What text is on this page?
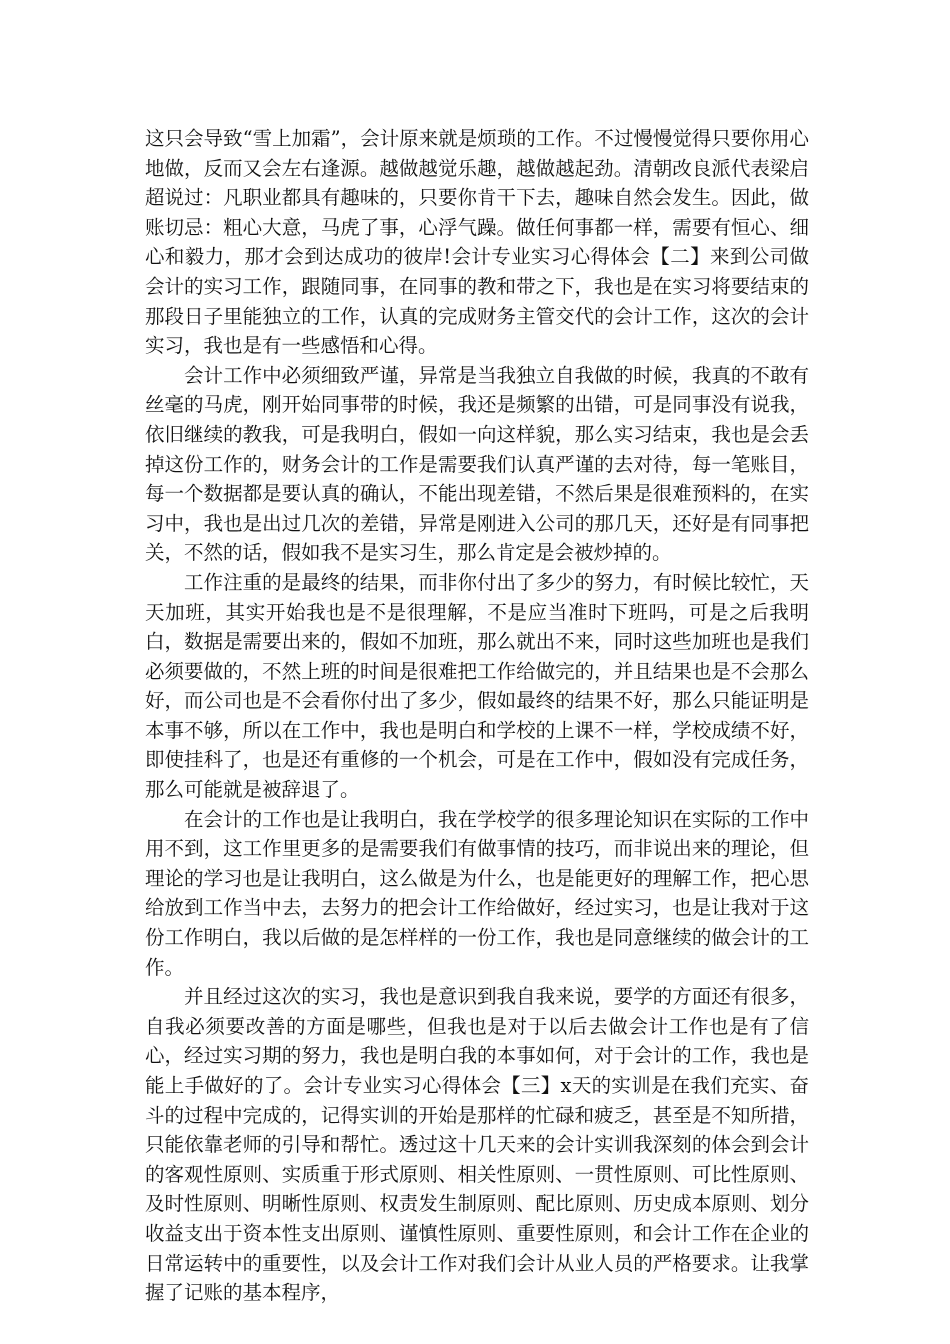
这只会导致“雪上加霜”，会计原来就是烦琐的工作。不过慢慢觉得只要你用心地做，反而又会左右逢源。越做越觉乐趣，越做越起劲。清朝改良派代表梁启超说过：凡职业都具有趣味的，只要你肯干下去，趣味自然会发生。因此，做账切忌：粗心大意，马虎了事，心浮气躁。做任何事都一样，需要有恒心、细心和毅力，那才会到达成功的彼岸!会计专业实习心得体会【二】来到公司做会计的实习工作，跟随同事，在同事的教和带之下，我也是在实习将要结束的那段日子里能独立的工作，认真的完成财务主管交代的会计工作，这次的会计实习，我也是有一些感悟和心得。

会计工作中必须细致严谨，异常是当我独立自我做的时候，我真的不敢有丝毫的马虎，刚开始同事带的时候，我还是频繁的出错，可是同事没有说我，依旧继续的教我，可是我明白，假如一向这样貌，那么实习结束，我也是会丢掉这份工作的，财务会计的工作是需要我们认真严谨的去对待，每一笔账目，每一个数据都是要认真的确认，不能出现差错，不然后果是很难预料的，在实习中，我也是出过几次的差错，异常是刚进入公司的那几天，还好是有同事把关，不然的话，假如我不是实习生，那么肯定是会被炒掉的。

工作注重的是最终的结果，而非你付出了多少的努力，有时候比较忙，天天加班，其实开始我也是不是很理解，不是应当准时下班吗，可是之后我明白，数据是需要出来的，假如不加班，那么就出不来，同时这些加班也是我们必须要做的，不然上班的时间是很难把工作给做完的，并且结果也是不会那么好，而公司也是不会看你付出了多少，假如最终的结果不好，那么只能证明是本事不够，所以在工作中，我也是明白和学校的上课不一样，学校成绩不好，即使挂科了，也是还有重修的一个机会，可是在工作中，假如没有完成任务，那么可能就是被辞退了。

在会计的工作也是让我明白，我在学校学的很多理论知识在实际的工作中用不到，这工作里更多的是需要我们有做事情的技巧，而非说出来的理论，但理论的学习也是让我明白，这么做是为什么，也是能更好的理解工作，把心思给放到工作当中去，去努力的把会计工作给做好，经过实习，也是让我对于这份工作明白，我以后做的是怎样样的一份工作，我也是同意继续的做会计的工作。

并且经过这次的实习，我也是意识到我自我来说，要学的方面还有很多，自我必须要改善的方面是哪些，但我也是对于以后去做会计工作也是有了信心，经过实习期的努力，我也是明白我的本事如何，对于会计的工作，我也是能上手做好的了。会计专业实习心得体会【三】x天的实训是在我们充实、奋斗的过程中完成的，记得实训的开始是那样的忙碌和疲乏，甚至是不知所措，只能依靠老师的引导和帮忙。透过这十几天来的会计实训我深刻的体会到会计的客观性原则、实质重于形式原则、相关性原则、一贯性原则、可比性原则、及时性原则、明晰性原则、权责发生制原则、配比原则、历史成本原则、划分收益支出于资本性支出原则、谨慎性原则、重要性原则，和会计工作在企业的日常运转中的重要性，以及会计工作对我们会计从业人员的严格要求。让我掌握了记账的基本程序，
